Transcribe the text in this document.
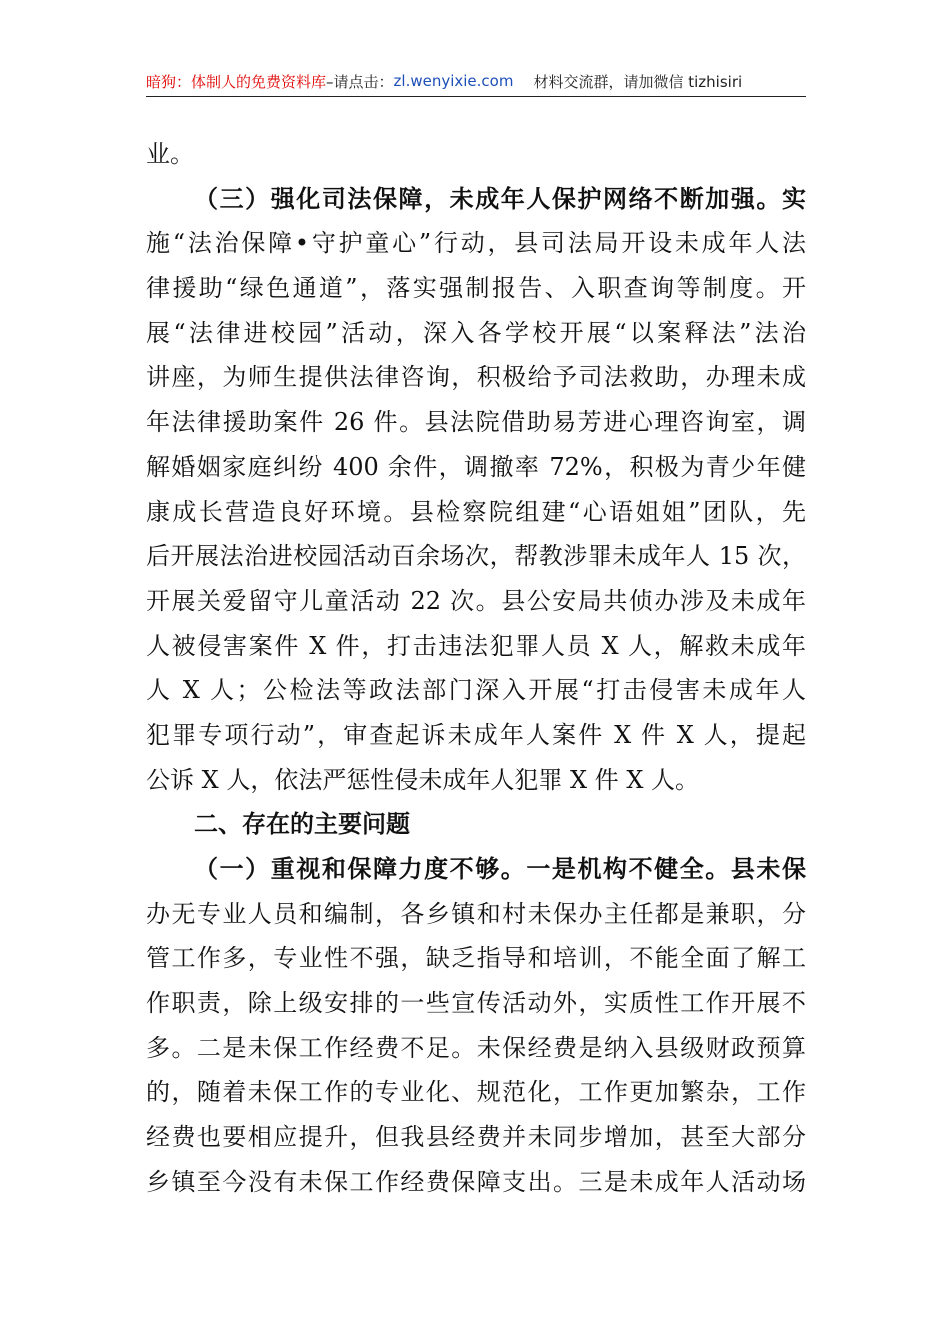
暗狗：体制人的免费资料库 –请点击： zl.wenyixie.com 材料交流群，请加微信 tizhisiri
业。
（三）强化司法保障，未成年人保护网络不断加强。实
施“法治保障•守护童心”行动，县司法局开设未成年人法
律援助“绿色通道”，落实强制报告、入职查询等制度。开
展“法律进校园”活动，深入各学校开展“以案释法”法治
讲座，为师生提供法律咨询，积极给予司法救助，办理未成
年法律援助案件 26 件。县法院借助易芳进心理咨询室，调
解婚姻家庭纠纷 400 余件，调撤率 72%，积极为青少年健
康成长营造良好环境。县检察院组建“心语姐姐”团队，先
后开展法治进校园活动百余场次，帮教涉罪未成年人 15 次，
开展关爱留守儿童活动 22 次。县公安局共侦办涉及未成年
人被侵害案件 X 件，打击违法犯罪人员 X 人，解救未成年
人 X 人；公检法等政法部门深入开展“打击侵害未成年人
犯罪专项行动”，审查起诉未成年人案件 X 件 X 人，提起
公诉 X 人，依法严惩性侵未成年人犯罪 X 件 X 人。
二、存在的主要问题
（一）重视和保障力度不够。一是机构不健全。县未保
办无专业人员和编制，各乡镇和村未保办主任都是兼职，分
管工作多，专业性不强，缺乏指导和培训，不能全面了解工
作职责，除上级安排的一些宣传活动外，实质性工作开展不
多。二是未保工作经费不足。未保经费是纳入县级财政预算
的，随着未保工作的专业化、规范化，工作更加繁杂，工作
经费也要相应提升，但我县经费并未同步增加，甚至大部分
乡镇至今没有未保工作经费保障支出。三是未成年人活动场
